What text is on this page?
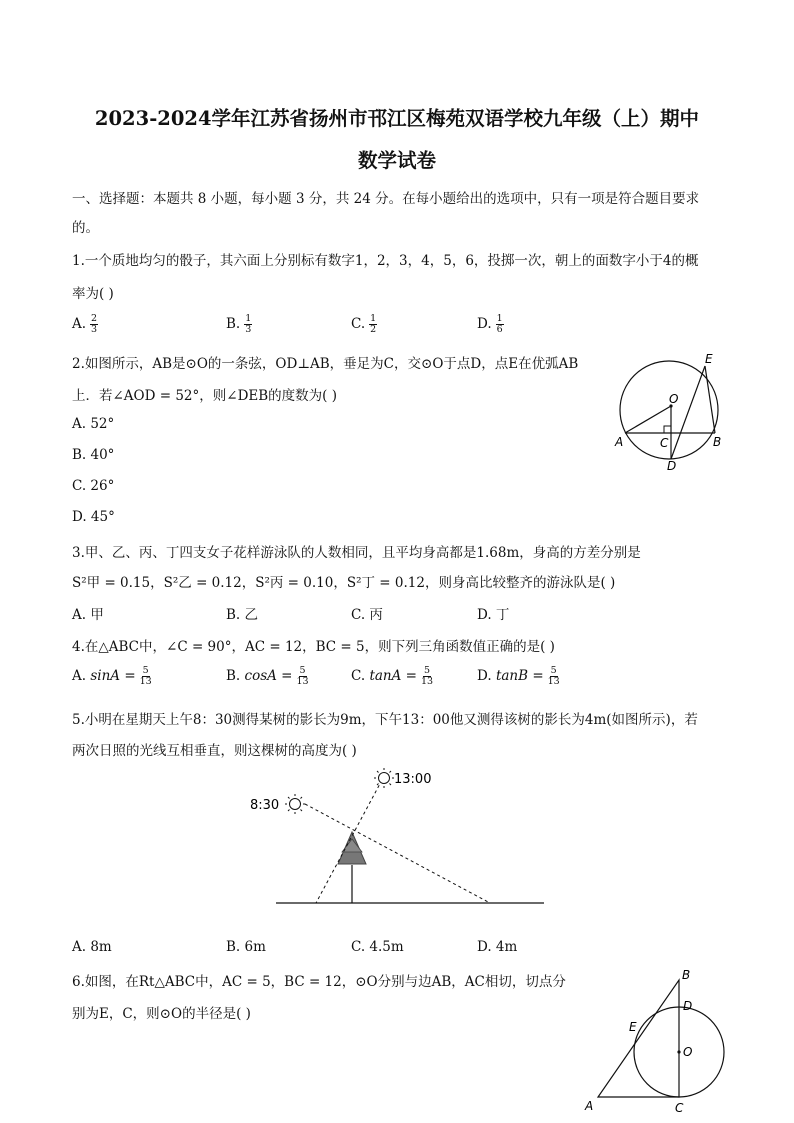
2023-2024学年江苏省扬州市邗江区梅苑双语学校九年级（上）期中
数学试卷
一、选择题：本题共 8 小题，每小题 3 分，共 24 分。在每小题给出的选项中，只有一项是符合题目要求
的。
1.一个质地均匀的骰子，其六面上分别标有数字1，2，3，4，5，6，投掷一次，朝上的面数字小于4的概
率为( )
A. $\frac{2}{3}$	B. $\frac{1}{3}$	C. $\frac{1}{2}$	D. $\frac{1}{6}$
2.如图所示，AB是⊙O的一条弦，OD⊥AB，垂足为C，交⊙O于点D，点E在优弧AB
上．若∠AOD = 52°，则∠DEB的度数为( )
A. 52°
B. 40°
C. 26°
D. 45°
E
O
A	C	B
D
3.甲、乙、丙、丁四支女子花样游泳队的人数相同，且平均身高都是1.68m，身高的方差分别是
S²甲 = 0.15，S²乙 = 0.12，S²丙 = 0.10，S²丁 = 0.12，则身高比较整齐的游泳队是( )
A. 甲	B. 乙	C. 丙	D. 丁
4.在△ABC中，∠C = 90°，AC = 12，BC = 5，则下列三角函数值正确的是( )
A. $\sin A = \frac{5}{13}$	B. $\cos A = \frac{5}{13}$	C. $\tan A = \frac{5}{13}$	D. $\tan B = \frac{5}{13}$
5.小明在星期天上午8：30测得某树的影长为9m，下午13：00他又测得该树的影长为4m(如图所示)，若
两次日照的光线互相垂直，则这棵树的高度为( )
8:30
13:00
A. 8m	B. 6m	C. 4.5m	D. 4m
6.如图，在Rt△ABC中，AC = 5，BC = 12，⊙O分别与边AB，AC相切，切点分
别为E，C，则⊙O的半径是( )
B
D
E
O
A	C
